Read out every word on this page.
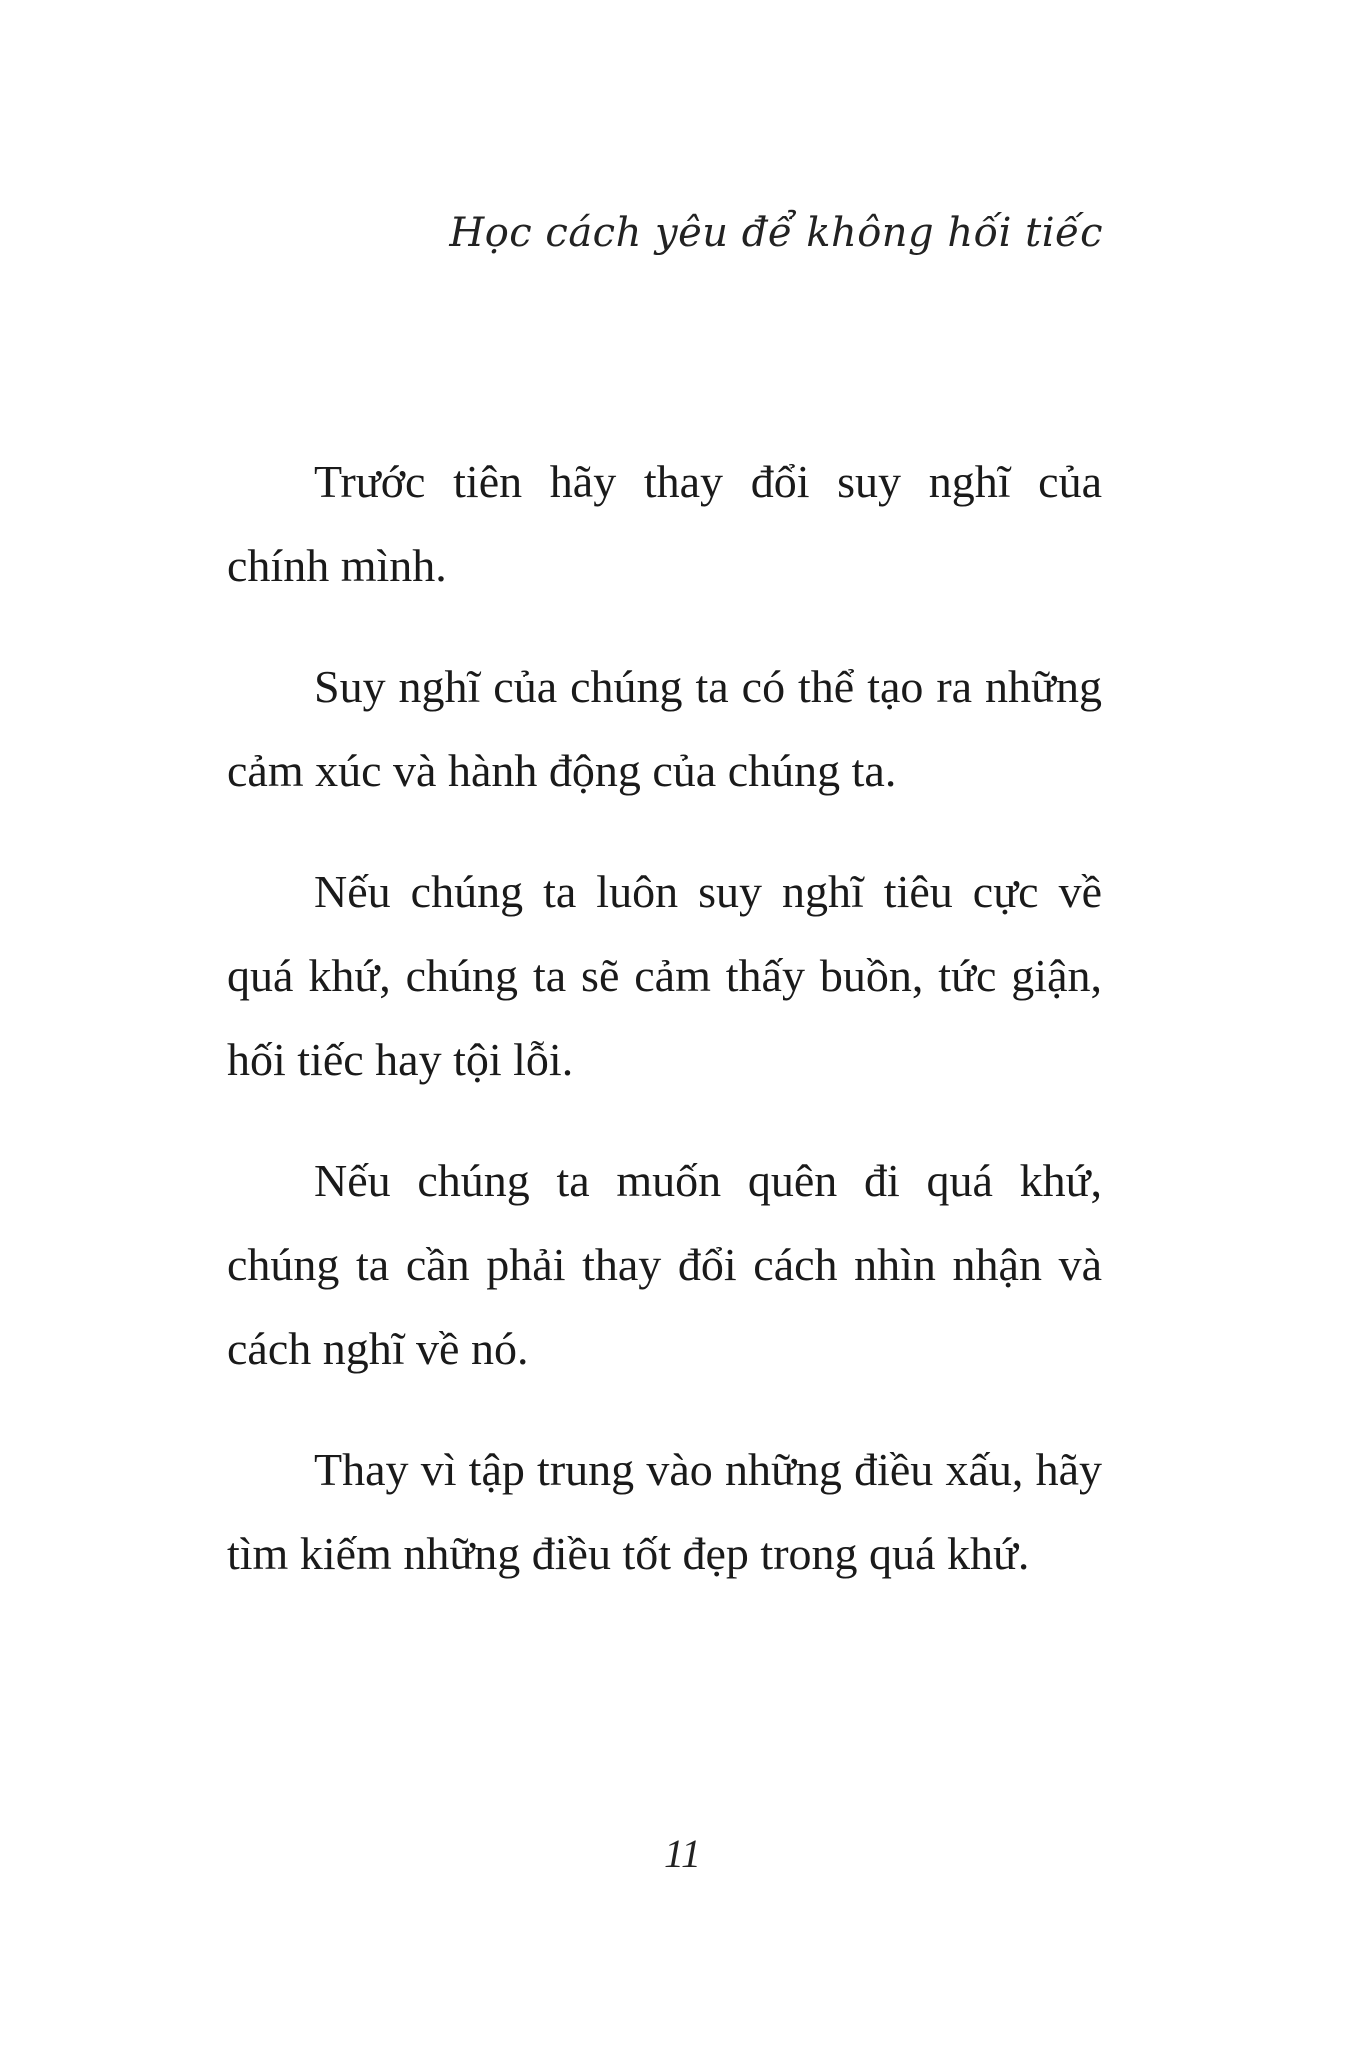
Học cách yêu để không hối tiếc

Trước tiên hãy thay đổi suy nghĩ của chính mình.

Suy nghĩ của chúng ta có thể tạo ra những cảm xúc và hành động của chúng ta.

Nếu chúng ta luôn suy nghĩ tiêu cực về quá khứ, chúng ta sẽ cảm thấy buồn, tức giận, hối tiếc hay tội lỗi.

Nếu chúng ta muốn quên đi quá khứ, chúng ta cần phải thay đổi cách nhìn nhận và cách nghĩ về nó.

Thay vì tập trung vào những điều xấu, hãy tìm kiếm những điều tốt đẹp trong quá khứ.

11
